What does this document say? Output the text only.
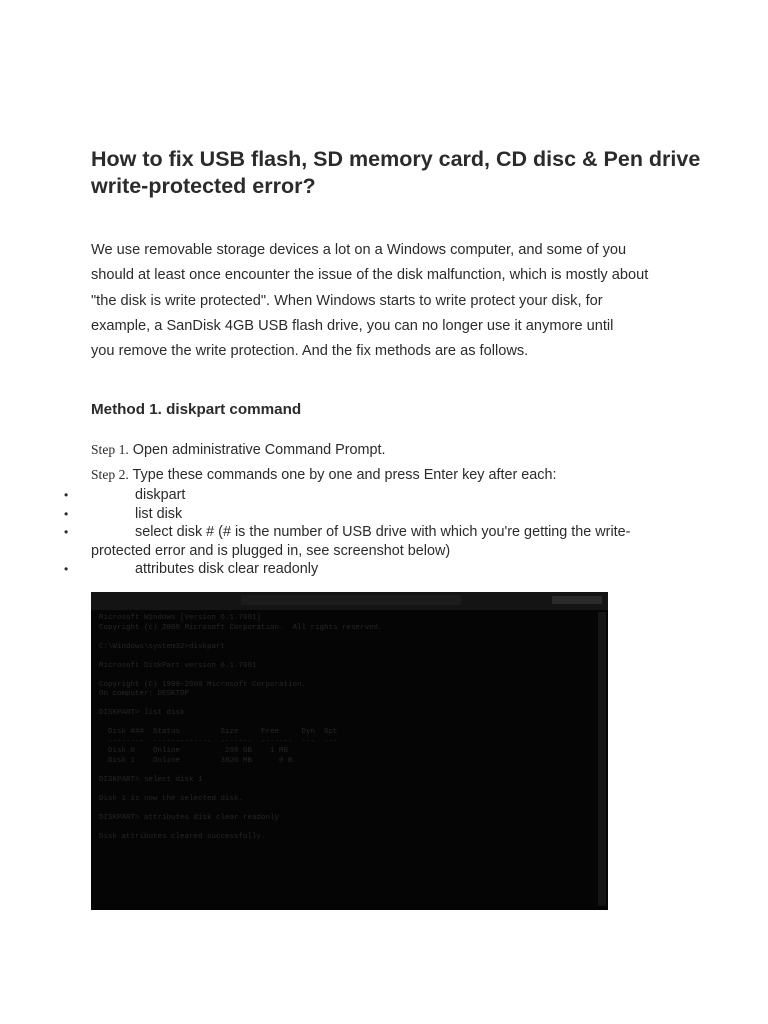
How to fix USB flash, SD memory card, CD disc & Pen drive write-protected error?

We use removable storage devices a lot on a Windows computer, and some of you
should at least once encounter the issue of the disk malfunction, which is mostly about
"the disk is write protected". When Windows starts to write protect your disk, for
example, a SanDisk 4GB USB flash drive, you can no longer use it anymore until
you remove the write protection. And the fix methods are as follows.

Method 1. diskpart command

Step 1. Open administrative Command Prompt.

Step 2. Type these commands one by one and press Enter key after each:

•	diskpart
•	list disk
•	select disk # (# is the number of USB drive with which you're getting the write-
protected error and is plugged in, see screenshot below)
•	attributes disk clear readonly
Microsoft Windows [Version 6.1.7601]
Copyright (c) 2009 Microsoft Corporation.  All rights reserved.

C:\Windows\system32>diskpart

Microsoft DiskPart version 6.1.7601

Copyright (C) 1999-2008 Microsoft Corporation.
On computer: DESKTOP

DISKPART> list disk

Disk ###  Status         Size     Free     Dyn  Gpt
--------  -------------  -------  -------  ---  ---
Disk 0    Online          298 GB    1 MB
Disk 1    Online         3820 MB      0 B

DISKPART> select disk 1

Disk 1 is now the selected disk.

DISKPART> attributes disk clear readonly

Disk attributes cleared successfully.
